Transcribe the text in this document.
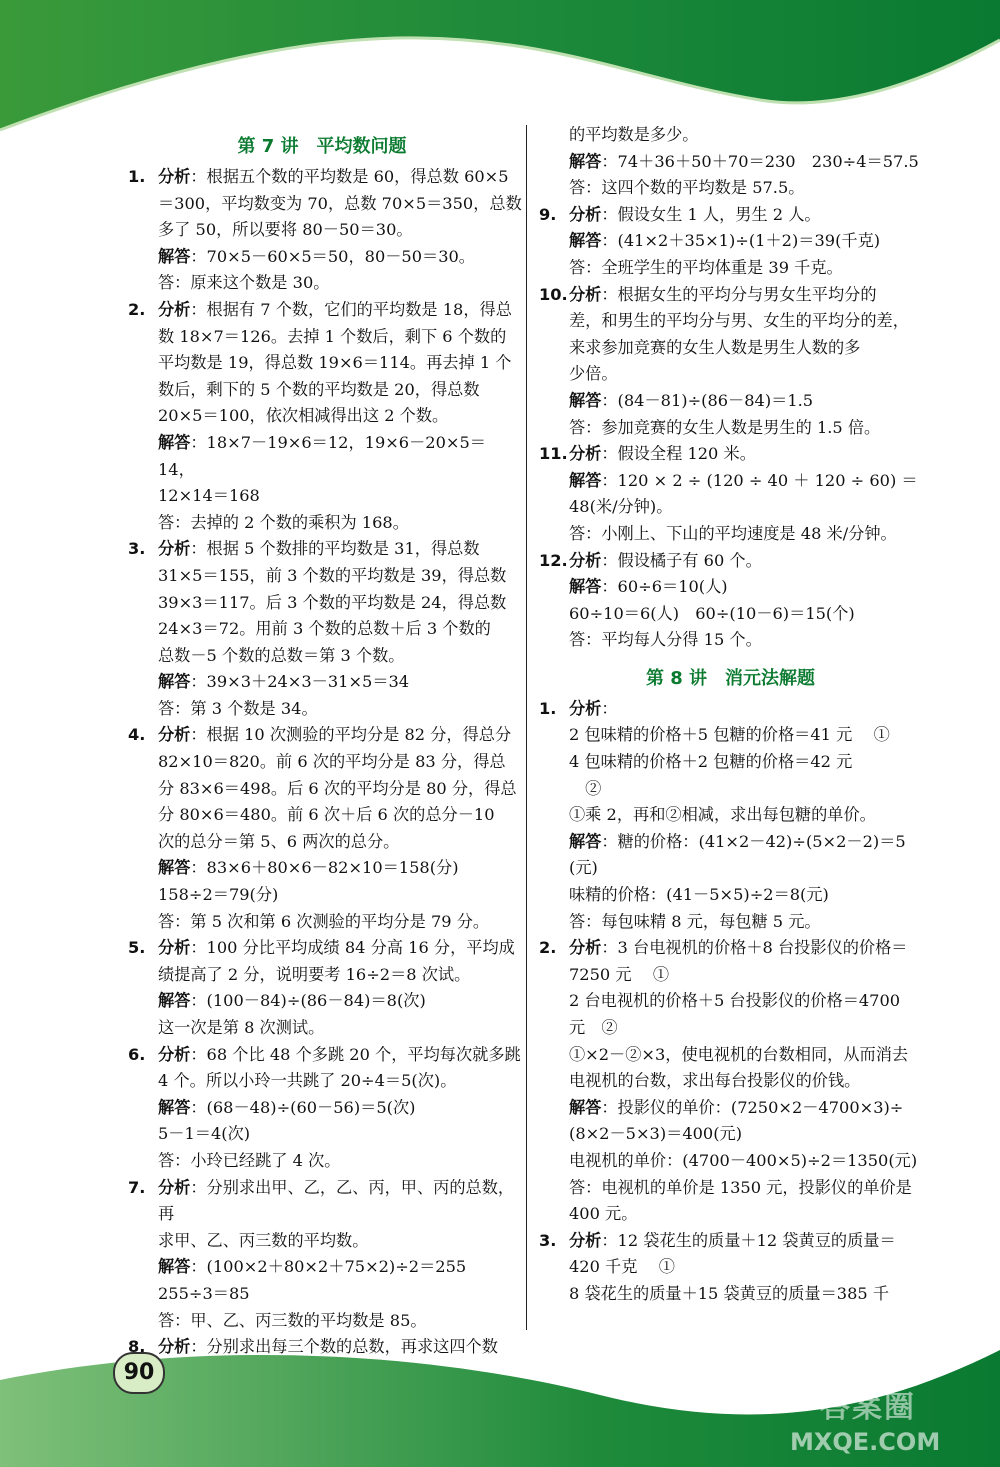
90
答案圈
MXQE.COM
第 7 讲　平均数问题
1. 分析：根据五个数的平均数是 60，得总数 60×5
＝300，平均数变为 70，总数 70×5＝350，总数
多了 50，所以要将 80－50＝30。
解答：70×5－60×5＝50，80－50＝30。
答：原来这个数是 30。
2. 分析：根据有 7 个数，它们的平均数是 18，得总
数 18×7＝126。去掉 1 个数后，剩下 6 个数的
平均数是 19，得总数 19×6＝114。再去掉 1 个
数后，剩下的 5 个数的平均数是 20，得总数
20×5＝100，依次相减得出这 2 个数。
解答：18×7－19×6＝12，19×6－20×5＝14，
12×14＝168
答：去掉的 2 个数的乘积为 168。
3. 分析：根据 5 个数排的平均数是 31，得总数
31×5＝155，前 3 个数的平均数是 39，得总数
39×3＝117。后 3 个数的平均数是 24，得总数
24×3＝72。用前 3 个数的总数＋后 3 个数的
总数－5 个数的总数＝第 3 个数。
解答：39×3＋24×3－31×5＝34
答：第 3 个数是 34。
4. 分析：根据 10 次测验的平均分是 82 分，得总分
82×10＝820。前 6 次的平均分是 83 分，得总
分 83×6＝498。后 6 次的平均分是 80 分，得总
分 80×6＝480。前 6 次＋后 6 次的总分－10
次的总分＝第 5、6 两次的总分。
解答：83×6＋80×6－82×10＝158(分)
158÷2＝79(分)
答：第 5 次和第 6 次测验的平均分是 79 分。
5. 分析：100 分比平均成绩 84 分高 16 分，平均成
绩提高了 2 分，说明要考 16÷2＝8 次试。
解答：(100－84)÷(86－84)＝8(次)
这一次是第 8 次测试。
6. 分析：68 个比 48 个多跳 20 个，平均每次就多跳
4 个。所以小玲一共跳了 20÷4＝5(次)。
解答：(68－48)÷(60－56)＝5(次)
5－1＝4(次)
答：小玲已经跳了 4 次。
7. 分析：分别求出甲、乙，乙、丙，甲、丙的总数，再
求甲、乙、丙三数的平均数。
解答：(100×2＋80×2＋75×2)÷2＝255
255÷3＝85
答：甲、乙、丙三数的平均数是 85。
8. 分析：分别求出每三个数的总数，再求这四个数
的平均数是多少。
解答：74＋36＋50＋70＝230　230÷4＝57.5
答：这四个数的平均数是 57.5。
9. 分析：假设女生 1 人，男生 2 人。
解答：(41×2＋35×1)÷(1＋2)＝39(千克)
答：全班学生的平均体重是 39 千克。
10. 分析：根据女生的平均分与男女生平均分的
差，和男生的平均分与男、女生的平均分的差，
来求参加竞赛的女生人数是男生人数的多
少倍。
解答：(84－81)÷(86－84)＝1.5
答：参加竞赛的女生人数是男生的 1.5 倍。
11. 分析：假设全程 120 米。
解答：120 × 2 ÷ (120 ÷ 40 ＋ 120 ÷ 60) ＝
48(米/分钟)。
答：小刚上、下山的平均速度是 48 米/分钟。
12. 分析：假设橘子有 60 个。
解答：60÷6＝10(人)
60÷10＝6(人)　60÷(10－6)＝15(个)
答：平均每人分得 15 个。
第 8 讲　消元法解题
1. 分析：
2 包味精的价格＋5 包糖的价格＝41 元　 ①
4 包味精的价格＋2 包糖的价格＝42 元
　②
①乘 2，再和②相减，求出每包糖的单价。
解答：糖的价格：(41×2－42)÷(5×2－2)＝5
(元)
味精的价格：(41－5×5)÷2＝8(元)
答：每包味精 8 元，每包糖 5 元。
2. 分析：3 台电视机的价格＋8 台投影仪的价格＝
7250 元　 ①
2 台电视机的价格＋5 台投影仪的价格＝4700
元　②
①×2－②×3，使电视机的台数相同，从而消去
电视机的台数，求出每台投影仪的价钱。
解答：投影仪的单价：(7250×2－4700×3)÷
(8×2－5×3)＝400(元)
电视机的单价：(4700－400×5)÷2＝1350(元)
答：电视机的单价是 1350 元，投影仪的单价是
400 元。
3. 分析：12 袋花生的质量＋12 袋黄豆的质量＝
420 千克　 ①
8 袋花生的质量＋15 袋黄豆的质量＝385 千
